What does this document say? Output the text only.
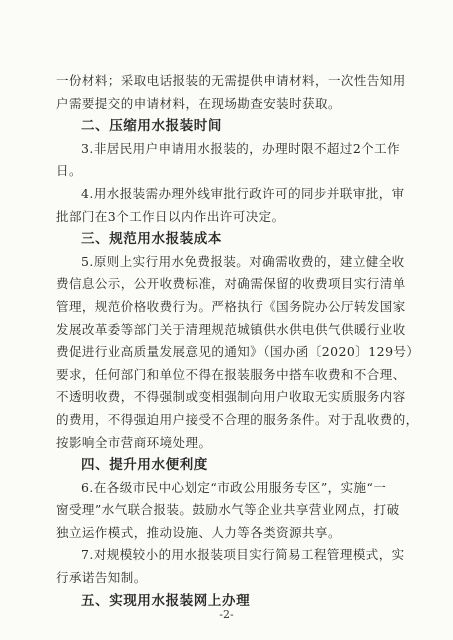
一份材料；采取电话报装的无需提供申请材料，一次性告知用
户需要提交的申请材料，在现场勘查安装时获取。
二、压缩用水报装时间
3.非居民用户申请用水报装的，办理时限不超过2个工作
日。
4.用水报装需办理外线审批行政许可的同步并联审批，审
批部门在3个工作日以内作出许可决定。
三、规范用水报装成本
5.原则上实行用水免费报装。对确需收费的，建立健全收
费信息公示，公开收费标准，对确需保留的收费项目实行清单
管理，规范价格收费行为。严格执行《国务院办公厅转发国家
发展改革委等部门关于清理规范城镇供水供电供气供暖行业收
费促进行业高质量发展意见的通知》（国办函〔2020〕129号）
要求，任何部门和单位不得在报装服务中搭车收费和不合理、
不透明收费，不得强制或变相强制向用户收取无实质服务内容
的费用，不得强迫用户接受不合理的服务条件。对于乱收费的，
按影响全市营商环境处理。
四、提升用水便利度
6.在各级市民中心划定“市政公用服务专区”，实施“一
窗受理”水气联合报装。鼓励水气等企业共享营业网点，打破
独立运作模式，推动设施、人力等各类资源共享。
7.对规模较小的用水报装项目实行简易工程管理模式，实
行承诺告知制。
五、实现用水报装网上办理
-2-
